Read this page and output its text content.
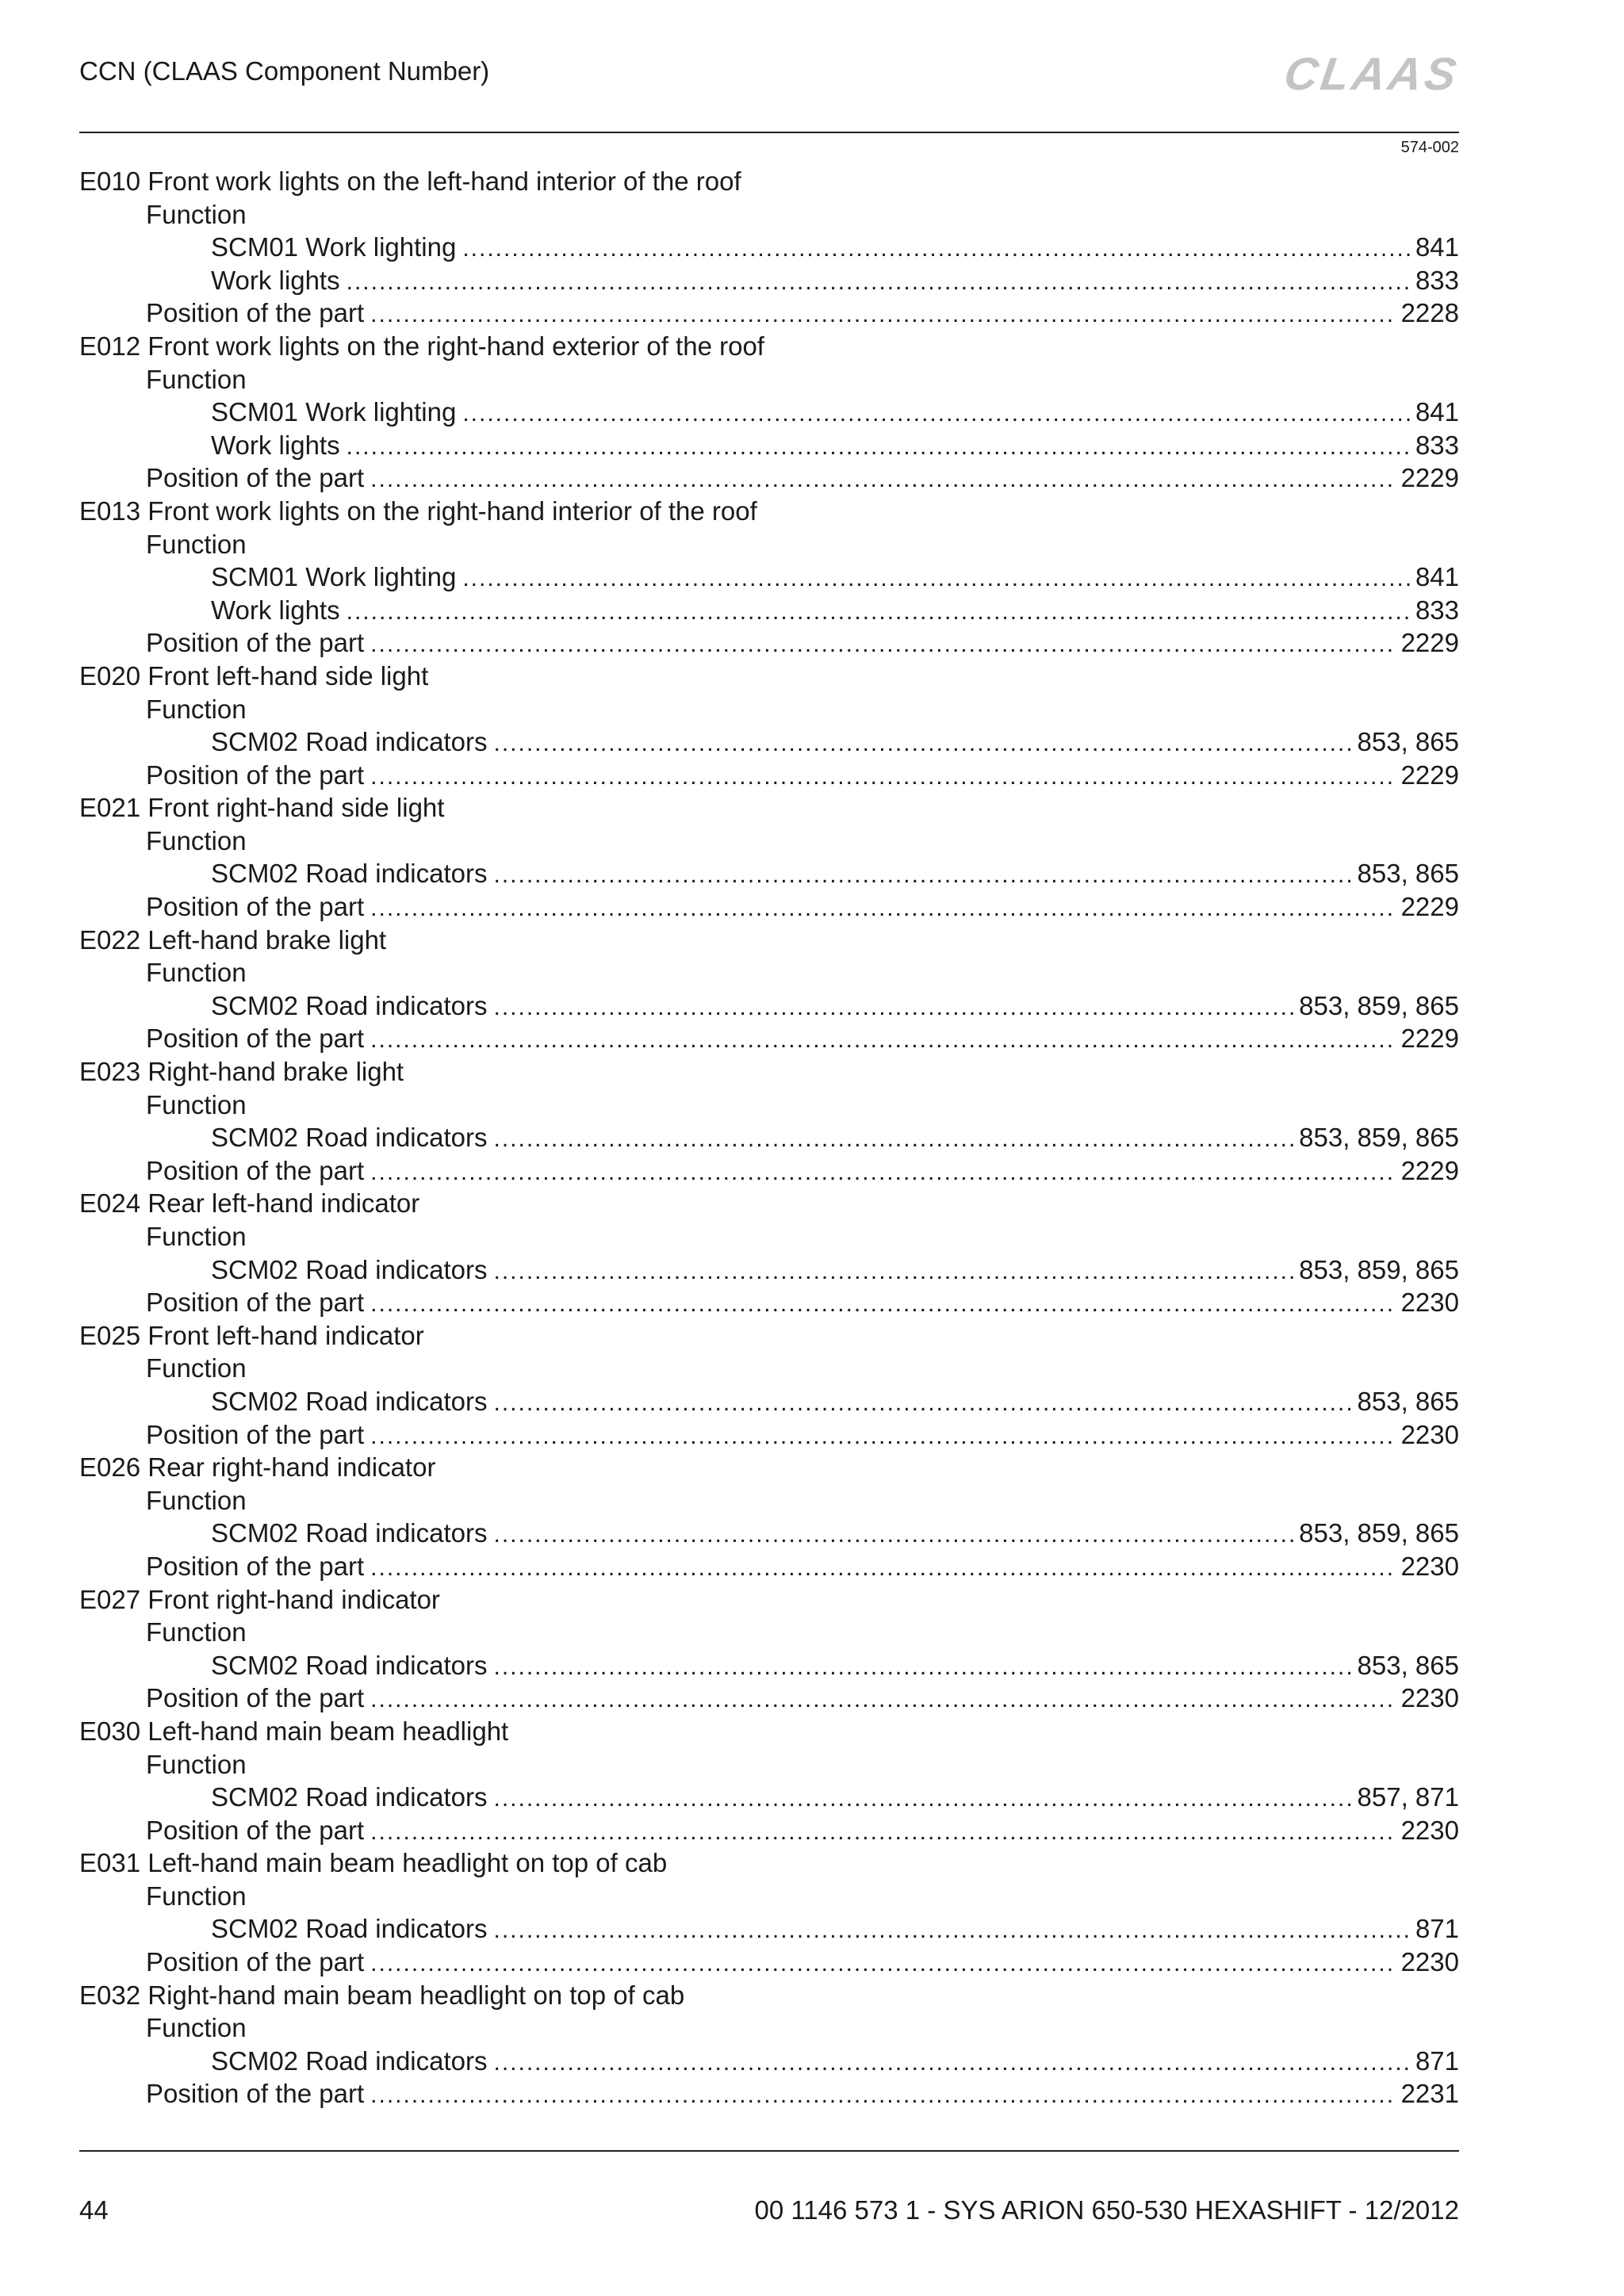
CCN (CLAAS Component Number)	CLAAS
574-002
E010 Front work lights on the left-hand interior of the roof
Function
SCM01 Work lighting .....	841
Work lights .....	833
Position of the part .....	2228
E012 Front work lights on the right-hand exterior of the roof
Function
SCM01 Work lighting .....	841
Work lights .....	833
Position of the part .....	2229
E013 Front work lights on the right-hand interior of the roof
Function
SCM01 Work lighting .....	841
Work lights .....	833
Position of the part .....	2229
E020 Front left-hand side light
Function
SCM02 Road indicators .....	853, 865
Position of the part .....	2229
E021 Front right-hand side light
Function
SCM02 Road indicators .....	853, 865
Position of the part .....	2229
E022 Left-hand brake light
Function
SCM02 Road indicators .....	853, 859, 865
Position of the part .....	2229
E023 Right-hand brake light
Function
SCM02 Road indicators .....	853, 859, 865
Position of the part .....	2229
E024 Rear left-hand indicator
Function
SCM02 Road indicators .....	853, 859, 865
Position of the part .....	2230
E025 Front left-hand indicator
Function
SCM02 Road indicators .....	853, 865
Position of the part .....	2230
E026 Rear right-hand indicator
Function
SCM02 Road indicators .....	853, 859, 865
Position of the part .....	2230
E027 Front right-hand indicator
Function
SCM02 Road indicators .....	853, 865
Position of the part .....	2230
E030 Left-hand main beam headlight
Function
SCM02 Road indicators .....	857, 871
Position of the part .....	2230
E031 Left-hand main beam headlight on top of cab
Function
SCM02 Road indicators .....	871
Position of the part .....	2230
E032 Right-hand main beam headlight on top of cab
Function
SCM02 Road indicators .....	871
Position of the part .....	2231
44	00 1146 573 1 - SYS ARION 650-530 HEXASHIFT - 12/2012
